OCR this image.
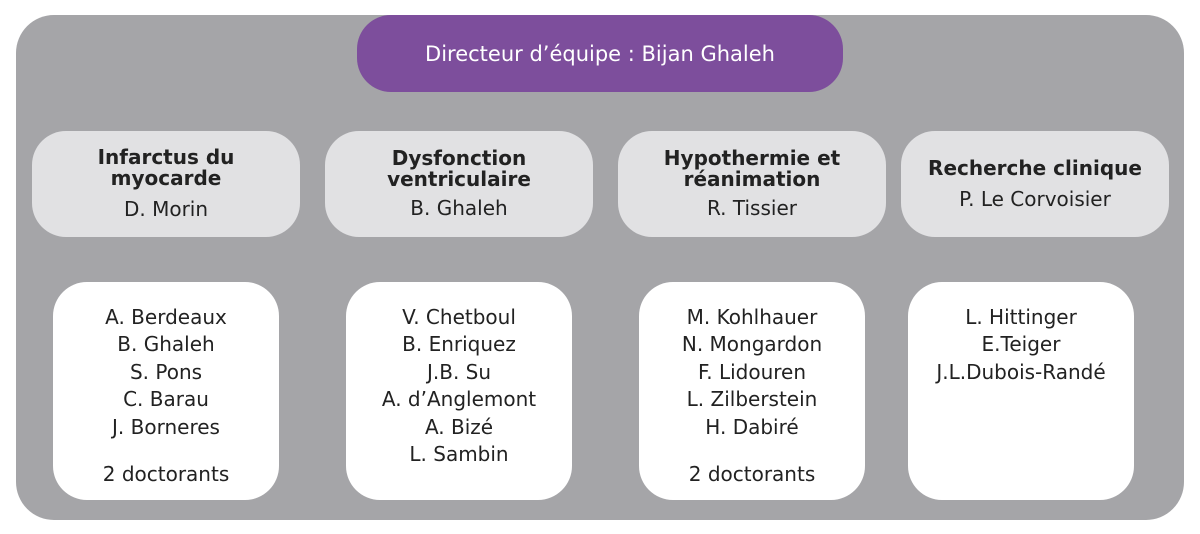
Directeur d’équipe : Bijan Ghaleh
Infarctus du myocarde
D. Morin
A. Berdeaux
B. Ghaleh
S. Pons
C. Barau
J. Borneres
2 doctorants
Dysfonction
ventriculaire
B. Ghaleh
V. Chetboul
B. Enriquez
J.B. Su
A. d’Anglemont
A. Bizé
L. Sambin
Hypothermie et
réanimation
R. Tissier
M. Kohlhauer
N. Mongardon
F. Lidouren
L. Zilberstein
H. Dabiré
2 doctorants
Recherche clinique
P. Le Corvoisier
L. Hittinger
E.Teiger
J.L.Dubois-Randé
